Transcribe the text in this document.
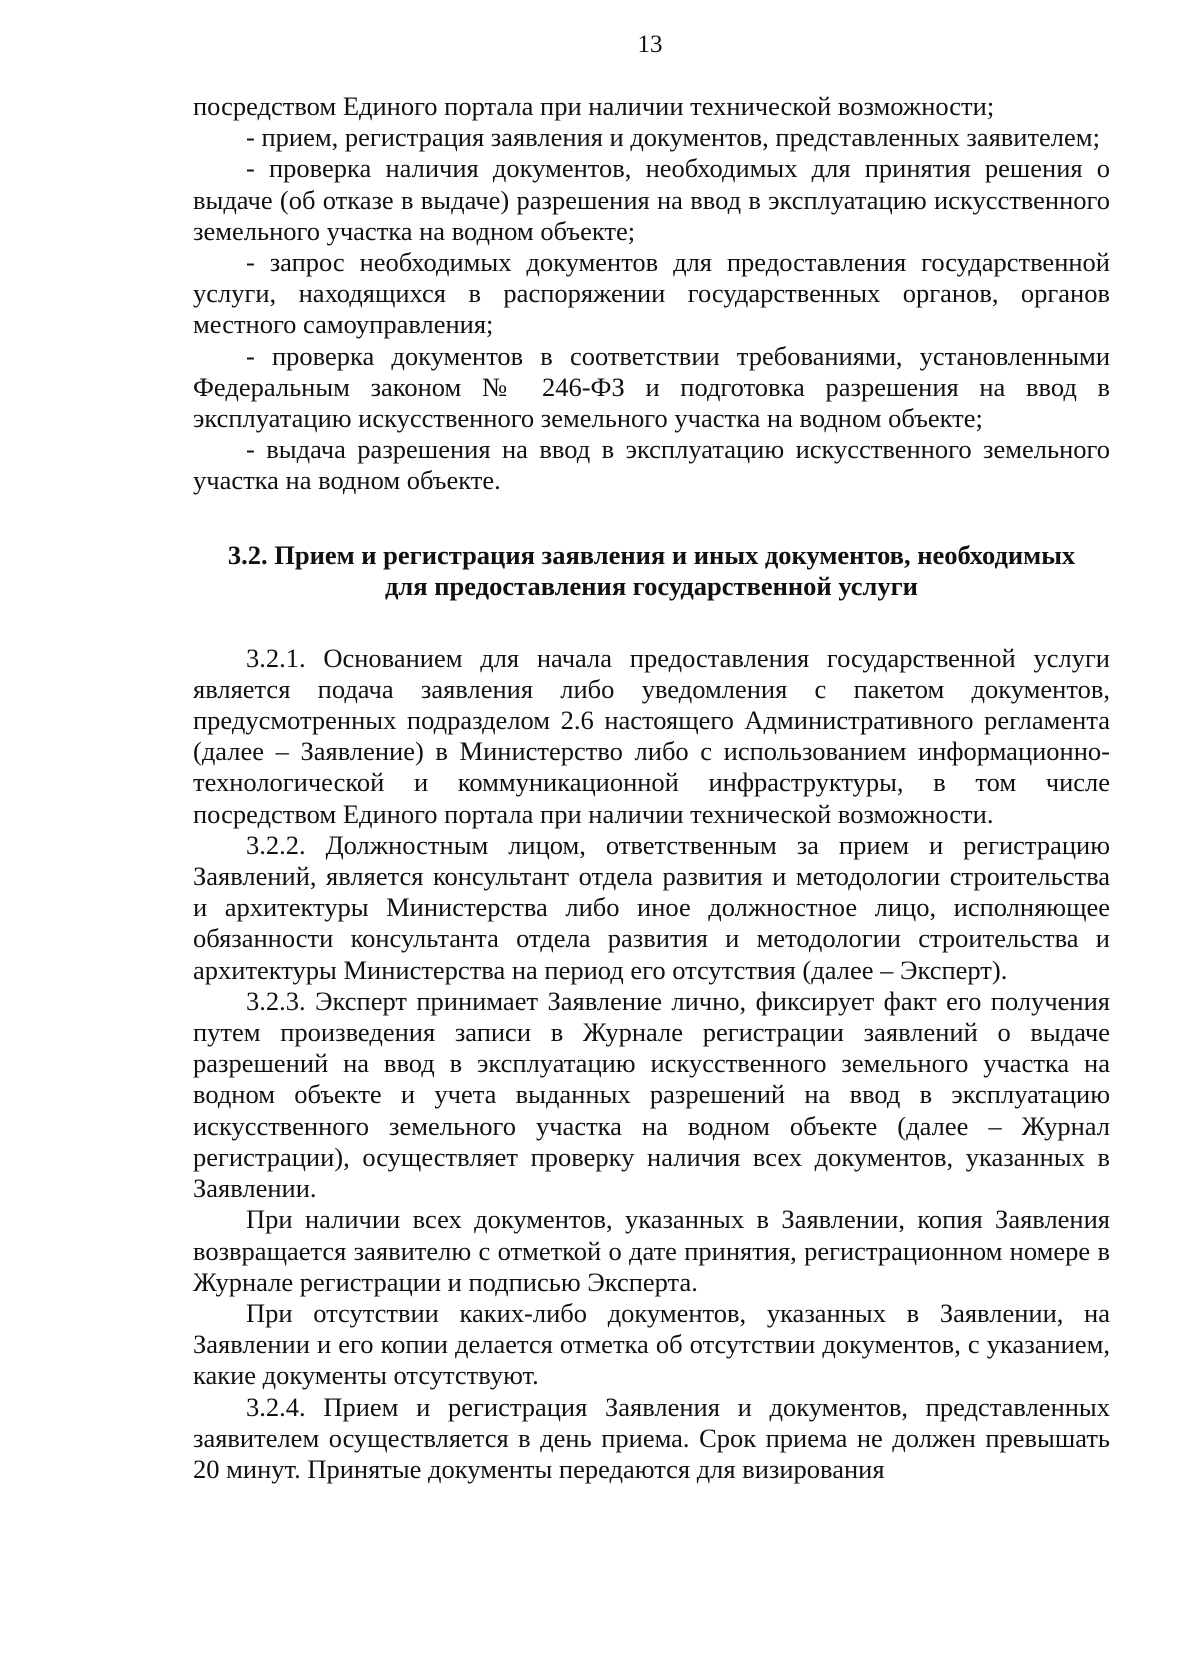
13

посредством Единого портала при наличии технической возможности;

- прием, регистрация заявления и документов, представленных заявителем;

- проверка наличия документов, необходимых для принятия решения о выдаче (об отказе в выдаче) разрешения на ввод в эксплуатацию искусственного земельного участка на водном объекте;

- запрос необходимых документов для предоставления государственной услуги, находящихся в распоряжении государственных органов, органов местного самоуправления;

- проверка документов в соответствии требованиями, установленными Федеральным законом № 246-ФЗ и подготовка разрешения на ввод в эксплуатацию искусственного земельного участка на водном объекте;

- выдача разрешения на ввод в эксплуатацию искусственного земельного участка на водном объекте.

3.2. Прием и регистрация заявления и иных документов, необходимых
для предоставления государственной услуги

3.2.1. Основанием для начала предоставления государственной услуги является подача заявления либо уведомления с пакетом документов, предусмотренных подразделом 2.6 настоящего Административного регламента (далее – Заявление) в Министерство либо с использованием информационно-технологической и коммуникационной инфраструктуры, в том числе посредством Единого портала при наличии технической возможности.

3.2.2. Должностным лицом, ответственным за прием и регистрацию Заявлений, является консультант отдела развития и методологии строительства и архитектуры Министерства либо иное должностное лицо, исполняющее обязанности консультанта отдела развития и методологии строительства и архитектуры Министерства на период его отсутствия (далее – Эксперт).

3.2.3. Эксперт принимает Заявление лично, фиксирует факт его получения путем произведения записи в Журнале регистрации заявлений о выдаче разрешений на ввод в эксплуатацию искусственного земельного участка на водном объекте и учета выданных разрешений на ввод в эксплуатацию искусственного земельного участка на водном объекте (далее – Журнал регистрации), осуществляет проверку наличия всех документов, указанных в Заявлении.

При наличии всех документов, указанных в Заявлении, копия Заявления возвращается заявителю с отметкой о дате принятия, регистрационном номере в Журнале регистрации и подписью Эксперта.

При отсутствии каких-либо документов, указанных в Заявлении, на Заявлении и его копии делается отметка об отсутствии документов, с указанием, какие документы отсутствуют.

3.2.4. Прием и регистрация Заявления и документов, представленных заявителем осуществляется в день приема. Срок приема не должен превышать 20 минут. Принятые документы передаются для визирования
